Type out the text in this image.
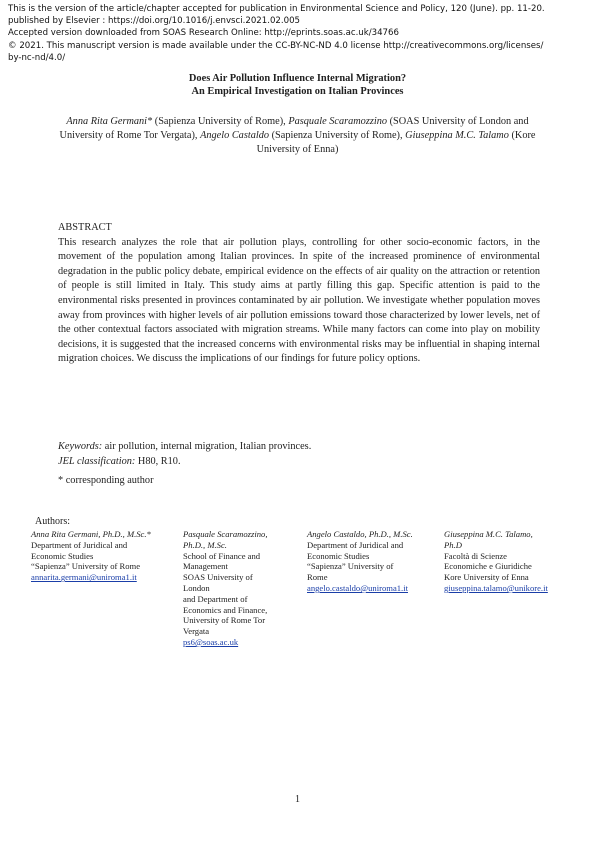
This is the version of the article/chapter accepted for publication in Environmental Science and Policy, 120 (June). pp. 11-20.
published by Elsevier : https://doi.org/10.1016/j.envsci.2021.02.005
Accepted version downloaded from SOAS Research Online: http://eprints.soas.ac.uk/34766
© 2021. This manuscript version is made available under the CC-BY-NC-ND 4.0 license http://creativecommons.org/licenses/
by-nc-nd/4.0/
Does Air Pollution Influence Internal Migration?
An Empirical Investigation on Italian Provinces
Anna Rita Germani* (Sapienza University of Rome), Pasquale Scaramozzino (SOAS University of London and University of Rome Tor Vergata), Angelo Castaldo (Sapienza University of Rome), Giuseppina M.C. Talamo (Kore University of Enna)
ABSTRACT
This research analyzes the role that air pollution plays, controlling for other socio-economic factors, in the movement of the population among Italian provinces. In spite of the increased prominence of environmental degradation in the public policy debate, empirical evidence on the effects of air quality on the attraction or retention of people is still limited in Italy. This study aims at partly filling this gap. Specific attention is paid to the environmental risks presented in provinces contaminated by air pollution. We investigate whether population moves away from provinces with higher levels of air pollution emissions toward those characterized by lower levels, net of the other contextual factors associated with migration streams. While many factors can come into play on mobility decisions, it is suggested that the increased concerns with environmental risks may be influential in shaping internal migration choices. We discuss the implications of our findings for future policy options.
Keywords: air pollution, internal migration, Italian provinces.
JEL classification: H80, R10.
* corresponding author
Authors:
Anna Rita Germani, Ph.D., M.Sc.*
Department of Juridical and
Economic Studies
“Sapienza” University of Rome
annarita.germani@uniroma1.it
Pasquale Scaramozzino,
Ph.D., M.Sc.
School of Finance and
Management
SOAS University of
London
and Department of
Economics and Finance,
University of Rome Tor
Vergata
ps6@soas.ac.uk
Angelo Castaldo, Ph.D., M.Sc.
Department of Juridical and
Economic Studies
“Sapienza” University of
Rome
angelo.castaldo@uniroma1.it
Giuseppina M.C. Talamo,
Ph.D
Facoltà di Scienze
Economiche e Giuridiche
Kore University of Enna
giuseppina.talamo@unikore.it
1
